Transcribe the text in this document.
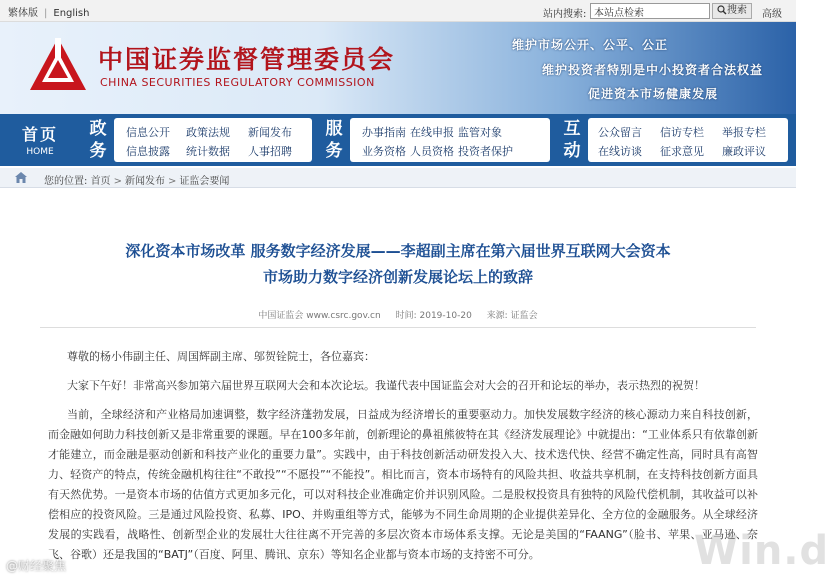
繁体版 | English	站内搜索:
本站点检索	搜索	高级
中国证券监督管理委员会
CHINA SECURITIES REGULATORY COMMISSION
维护市场公开、公平、公正
维护投资者特别是中小投资者合法权益
促进资本市场健康发展
首页
HOME
政
务
信息公开 政策法规 新闻发布
信息披露 统计数据 人事招聘
服
务
办事指南 在线申报 监管对象
业务资格 人员资格 投资者保护
互
动
公众留言 信访专栏 举报专栏
在线访谈 征求意见 廉政评议
您的位置: 首页 > 新闻发布 > 证监会要闻
深化资本市场改革 服务数字经济发展——李超副主席在第六届世界互联网大会资本
市场助力数字经济创新发展论坛上的致辞
中国证监会 www.csrc.gov.cn 时间: 2019-10-20 来源: 证监会
尊敬的杨小伟副主任、周国辉副主席、邬贺铨院士，各位嘉宾：
大家下午好！非常高兴参加第六届世界互联网大会和本次论坛。我谨代表中国证监会对大会的召开和论坛的举办，表示热烈的祝贺！
当前，全球经济和产业格局加速调整，数字经济蓬勃发展，日益成为经济增长的重要驱动力。加快发展数字经济的核心源动力来自科技创新，而金融如何助力科技创新又是非常重要的课题。早在100多年前，创新理论的鼻祖熊彼特在其《经济发展理论》中就提出：“工业体系只有依靠创新才能建立，而金融是驱动创新和科技产业化的重要力量”。实践中，由于科技创新活动研发投入大、技术迭代快、经营不确定性高，同时具有高智力、轻资产的特点，传统金融机构往往“不敢投”“不愿投”“不能投”。相比而言，资本市场特有的风险共担、收益共享机制，在支持科技创新方面具有天然优势。一是资本市场的估值方式更加多元化，可以对科技企业准确定价并识别风险。二是股权投资具有独特的风险代偿机制，其收益可以补偿相应的投资风险。三是通过风险投资、私募、IPO、并购重组等方式，能够为不同生命周期的企业提供差异化、全方位的金融服务。从全球经济发展的实践看，战略性、创新型企业的发展壮大往往离不开完善的多层次资本市场体系支撑。无论是美国的“FAANG”（脸书、苹果、亚马逊、奈飞、谷歌）还是我国的“BATJ”（百度、阿里、腾讯、京东）等知名企业都与资本市场的支持密不可分。
@财经聚焦	Win.d
